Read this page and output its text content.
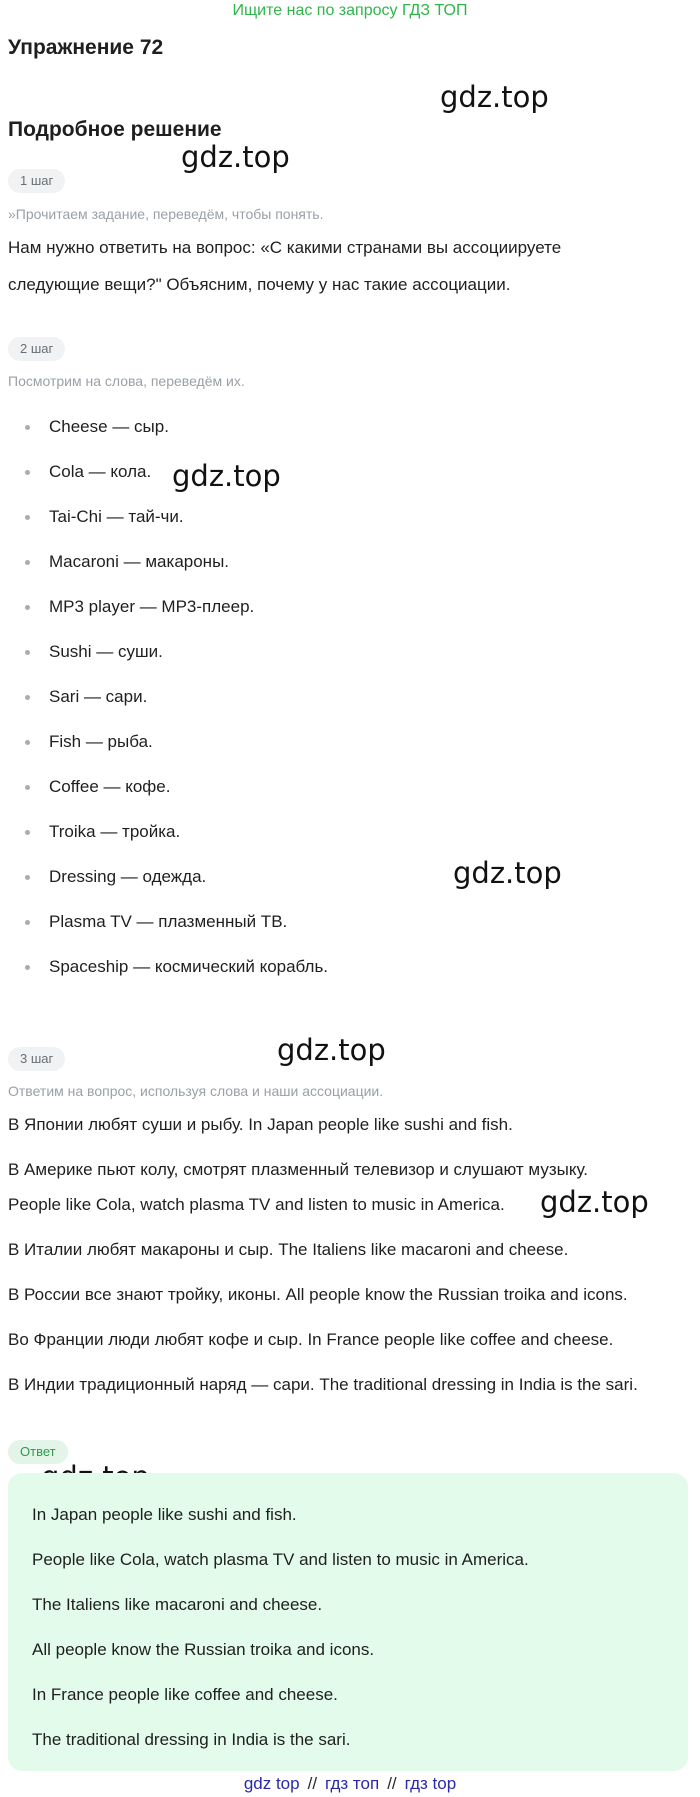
Ищите нас по запросу ГДЗ ТОП
Упражнение 72
Подробное решение
gdz.top
gdz.top
gdz.top
gdz.top
gdz.top
gdz.top
1 шаг
»Прочитаем задание, переведём, чтобы понять.
Нам нужно ответить на вопрос: «С какими странами вы ассоциируете
следующие вещи?" Объясним, почему у нас такие ассоциации.
2 шаг
Посмотрим на слова, переведём их.
Cheese — сыр.
Cola — кола.
Tai-Chi — тай-чи.
Macaroni — макароны.
MP3 player — MP3-плеер.
Sushi — суши.
Sari — сари.
Fish — рыба.
Coffee — кофе.
Troika — тройка.
Dressing — одежда.
Plasma TV — плазменный ТВ.
Spaceship — космический корабль.
3 шаг
Ответим на вопрос, используя слова и наши ассоциации.
В Японии любят суши и рыбу. In Japan people like sushi and fish.
В Америке пьют колу, смотрят плазменный телевизор и слушают музыку.
People like Cola, watch plasma TV and listen to music in America.
В Италии любят макароны и сыр. The Italiens like macaroni and cheese.
В России все знают тройку, иконы. All people know the Russian troika and icons.
Во Франции люди любят кофе и сыр. In France people like coffee and cheese.
В Индии традиционный наряд — сари. The traditional dressing in India is the sari.
Ответ
In Japan people like sushi and fish.
People like Cola, watch plasma TV and listen to music in America.
The Italiens like macaroni and cheese.
All people know the Russian troika and icons.
In France people like coffee and cheese.
The traditional dressing in India is the sari.
gdz top // гдз топ // гдз top
